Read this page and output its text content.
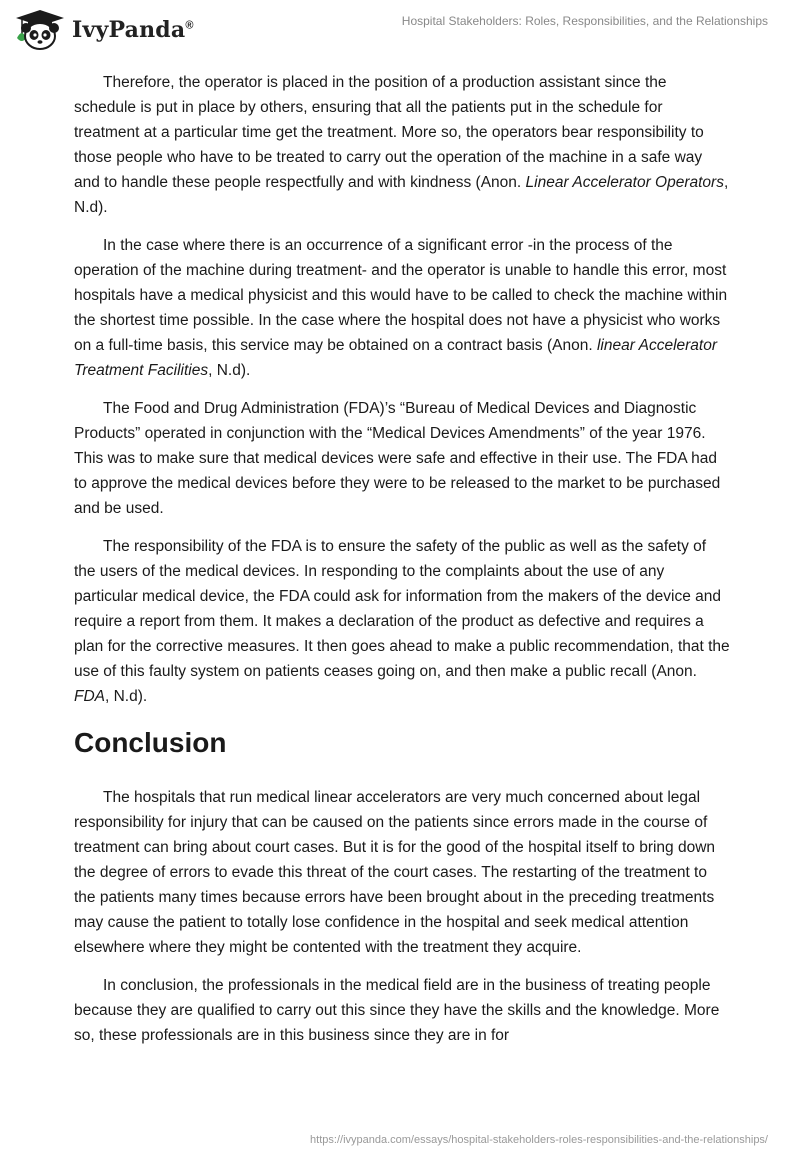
IvyPanda®	Hospital Stakeholders: Roles, Responsibilities, and the Relationships

Therefore, the operator is placed in the position of a production assistant since the schedule is put in place by others, ensuring that all the patients put in the schedule for treatment at a particular time get the treatment. More so, the operators bear responsibility to those people who have to be treated to carry out the operation of the machine in a safe way and to handle these people respectfully and with kindness (Anon. Linear Accelerator Operators, N.d).

In the case where there is an occurrence of a significant error -in the process of the operation of the machine during treatment- and the operator is unable to handle this error, most hospitals have a medical physicist and this would have to be called to check the machine within the shortest time possible. In the case where the hospital does not have a physicist who works on a full-time basis, this service may be obtained on a contract basis (Anon. linear Accelerator Treatment Facilities, N.d).

The Food and Drug Administration (FDA)’s “Bureau of Medical Devices and Diagnostic Products” operated in conjunction with the “Medical Devices Amendments” of the year 1976. This was to make sure that medical devices were safe and effective in their use. The FDA had to approve the medical devices before they were to be released to the market to be purchased and be used.

The responsibility of the FDA is to ensure the safety of the public as well as the safety of the users of the medical devices. In responding to the complaints about the use of any particular medical device, the FDA could ask for information from the makers of the device and require a report from them. It makes a declaration of the product as defective and requires a plan for the corrective measures. It then goes ahead to make a public recommendation, that the use of this faulty system on patients ceases going on, and then make a public recall (Anon. FDA, N.d).

Conclusion

The hospitals that run medical linear accelerators are very much concerned about legal responsibility for injury that can be caused on the patients since errors made in the course of treatment can bring about court cases. But it is for the good of the hospital itself to bring down the degree of errors to evade this threat of the court cases. The restarting of the treatment to the patients many times because errors have been brought about in the preceding treatments may cause the patient to totally lose confidence in the hospital and seek medical attention elsewhere where they might be contented with the treatment they acquire.

In conclusion, the professionals in the medical field are in the business of treating people because they are qualified to carry out this since they have the skills and the knowledge. More so, these professionals are in this business since they are in for

https://ivypanda.com/essays/hospital-stakeholders-roles-responsibilities-and-the-relationships/
